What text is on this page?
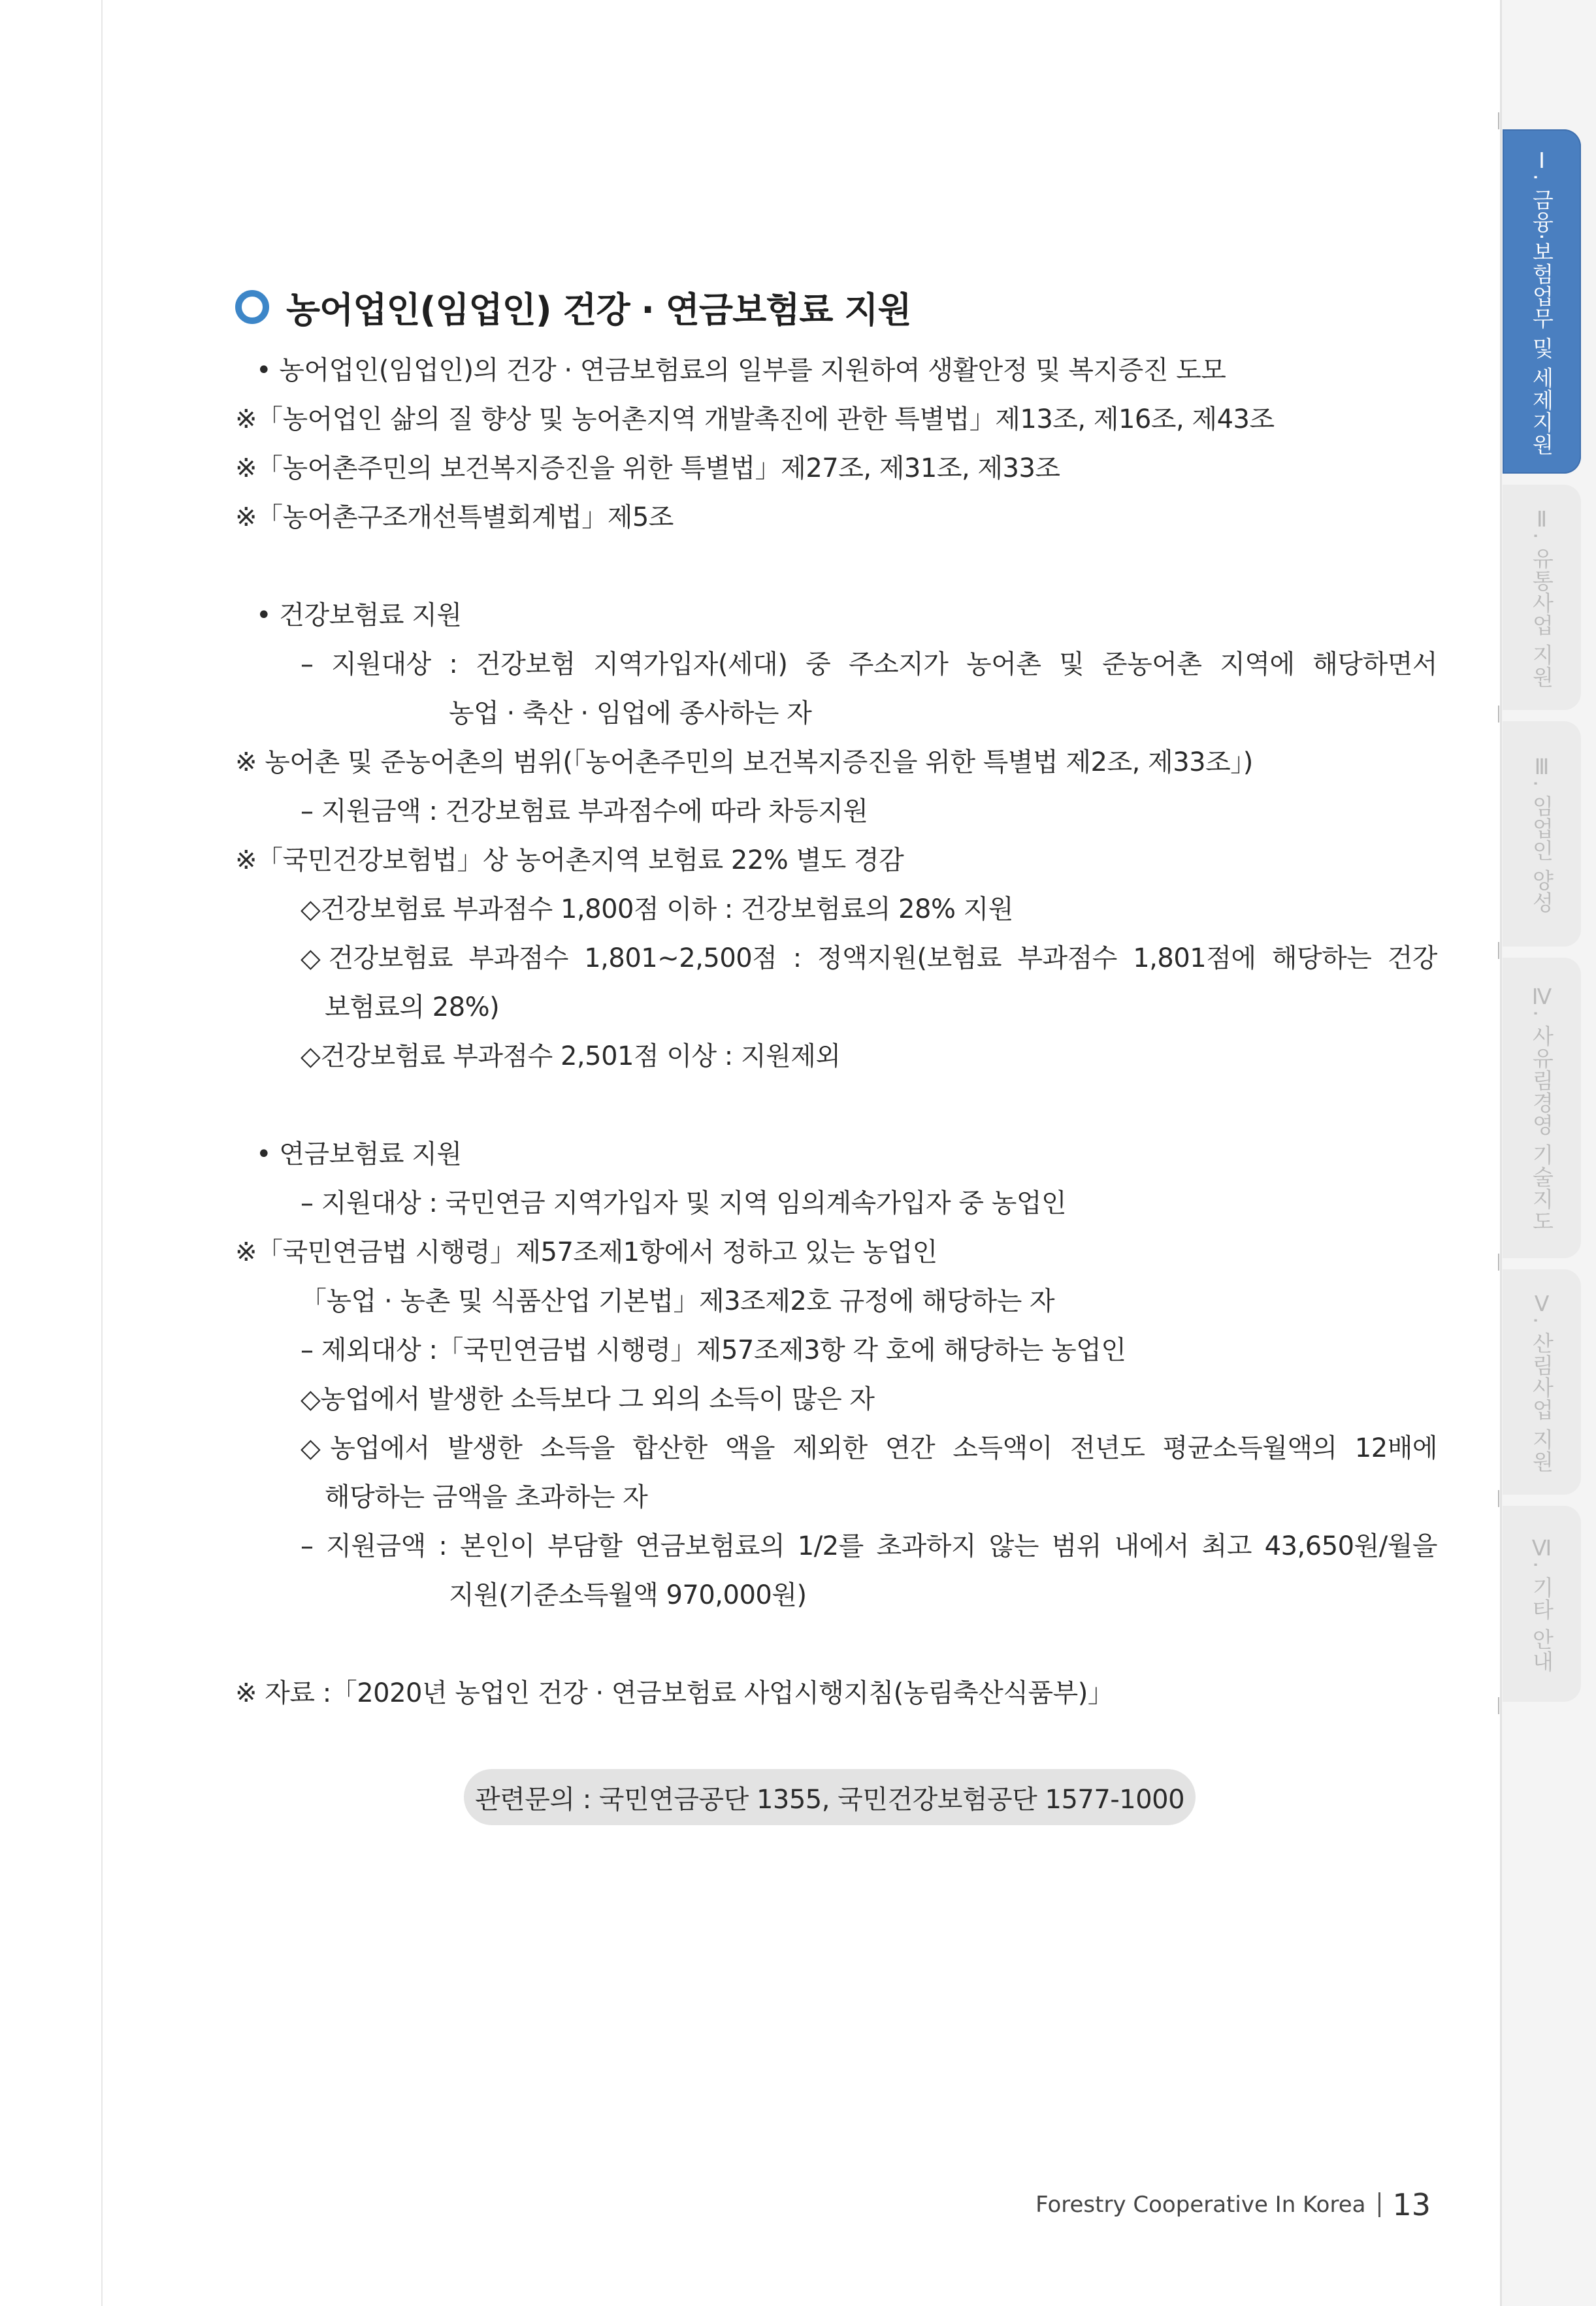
Ⅰ. 금융·보험업무 및 세제지원
Ⅱ. 유통사업 지원
Ⅲ. 임업인 양성
Ⅳ. 사유림경영 기술지도
Ⅴ. 산림사업 지원
Ⅵ. 기타 안내
농어업인(임업인) 건강 · 연금보험료 지원
• 농어업인(임업인)의 건강 · 연금보험료의 일부를 지원하여 생활안정 및 복지증진 도모
※「농어업인 삶의 질 향상 및 농어촌지역 개발촉진에 관한 특별법」제13조, 제16조, 제43조
※「농어촌주민의 보건복지증진을 위한 특별법」제27조, 제31조, 제33조
※「농어촌구조개선특별회계법」제5조
• 건강보험료 지원
– 지원대상 : 건강보험 지역가입자(세대) 중 주소지가 농어촌 및 준농어촌 지역에 해당하면서
농업 · 축산 · 임업에 종사하는 자
※ 농어촌 및 준농어촌의 범위(「농어촌주민의 보건복지증진을 위한 특별법 제2조, 제33조」)
– 지원금액 : 건강보험료 부과점수에 따라 차등지원
※「국민건강보험법」상 농어촌지역 보험료 22% 별도 경감
◇건강보험료 부과점수 1,800점 이하 : 건강보험료의 28% 지원
◇건강보험료 부과점수 1,801~2,500점 : 정액지원(보험료 부과점수 1,801점에 해당하는 건강
보험료의 28%)
◇건강보험료 부과점수 2,501점 이상 : 지원제외
• 연금보험료 지원
– 지원대상 : 국민연금 지역가입자 및 지역 임의계속가입자 중 농업인
※「국민연금법 시행령」제57조제1항에서 정하고 있는 농업인
「농업 · 농촌 및 식품산업 기본법」제3조제2호 규정에 해당하는 자
– 제외대상 :「국민연금법 시행령」제57조제3항 각 호에 해당하는 농업인
◇농업에서 발생한 소득보다 그 외의 소득이 많은 자
◇농업에서 발생한 소득을 합산한 액을 제외한 연간 소득액이 전년도 평균소득월액의 12배에
해당하는 금액을 초과하는 자
– 지원금액 : 본인이 부담할 연금보험료의 1/2를 초과하지 않는 범위 내에서 최고 43,650원/월을
지원(기준소득월액 970,000원)
※ 자료 :「2020년 농업인 건강 · 연금보험료 사업시행지침(농림축산식품부)」
관련문의 : 국민연금공단 1355, 국민건강보험공단 1577-1000
Forestry Cooperative In Korea 13
